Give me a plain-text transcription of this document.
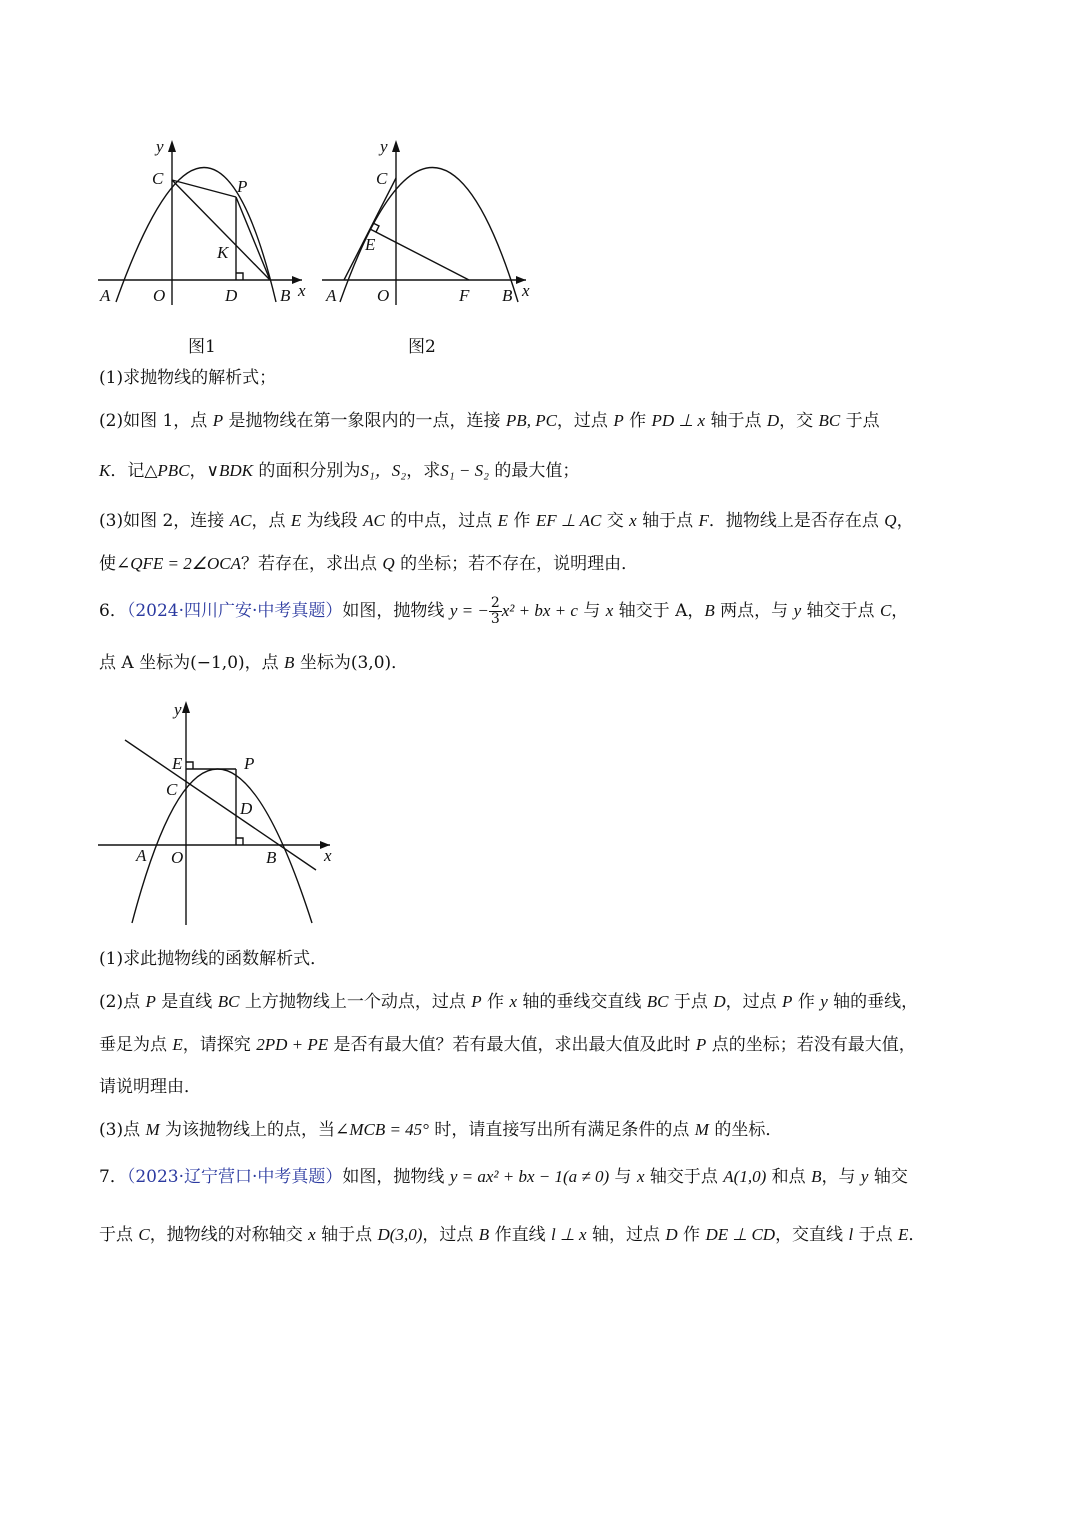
y
C	P
K
A	O	D	B x
图1
y
C
E
A O	F B x
图2
(1)求抛物线的解析式；
(2)如图 1，点 P 是抛物线在第一象限内的一点，连接 PB, PC，过点 P 作 PD ⊥ x 轴于点 D，交 BC 于点
K．记△PBC，∨BDK 的面积分别为S₁，S₂，求S₁ − S₂ 的最大值；
(3)如图 2，连接 AC，点 E 为线段 AC 的中点，过点 E 作 EF ⊥ AC 交 x 轴于点 F．抛物线上是否存在点 Q，
使∠QFE = 2∠OCA？若存在，求出点 Q 的坐标；若不存在，说明理由．
6．（2024·四川广安·中考真题）如图，抛物线 y = − $\frac{2}{3} x^2$ + bx + c 与 x 轴交于 A，B 两点，与 y 轴交于点 C，
点 A 坐标为(−1,0)，点 B 坐标为(3,0)．
y
E	P
C
D
A O	B	x
(1)求此抛物线的函数解析式．
(2)点 P 是直线 BC 上方抛物线上一个动点，过点 P 作 x 轴的垂线交直线 BC 于点 D，过点 P 作 y 轴的垂线，
垂足为点 E，请探究 2PD + PE 是否有最大值？若有最大值，求出最大值及此时 P 点的坐标；若没有最大值，
请说明理由．
(3)点 M 为该抛物线上的点，当∠MCB = 45° 时，请直接写出所有满足条件的点 M 的坐标．
7．（2023·辽宁营口·中考真题）如图，抛物线 y = ax² + bx − 1(a ≠ 0) 与 x 轴交于点 A(1,0) 和点 B，与 y 轴交
于点 C，抛物线的对称轴交 x 轴于点 D(3,0)，过点 B 作直线 l ⊥ x 轴，过点 D 作 DE ⊥ CD，交直线 l 于点 E．
